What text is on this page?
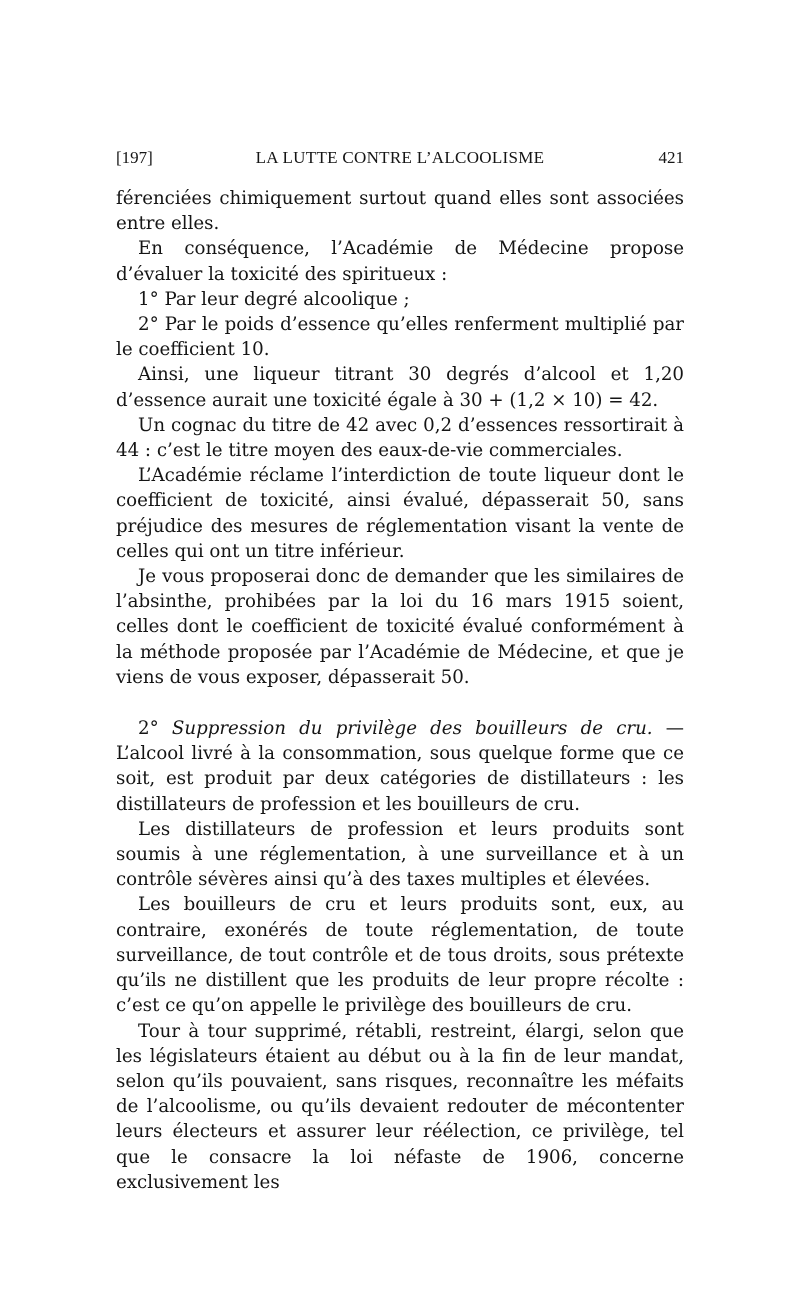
LA LUTTE CONTRE L’ALCOOLISME
[197]	421

férenciées chimiquement surtout quand elles sont associées entre elles.

En conséquence, l’Académie de Médecine propose d’évaluer la toxicité des spiritueux :

1° Par leur degré alcoolique ;

2° Par le poids d’essence qu’elles renferment multiplié par le coefficient 10.

Ainsi, une liqueur titrant 30 degrés d’alcool et 1,20 d’essence aurait une toxicité égale à 30 + (1,2 × 10) = 42.

Un cognac du titre de 42 avec 0,2 d’essences ressortirait à 44 : c’est le titre moyen des eaux-de-vie commerciales.

L’Académie réclame l’interdiction de toute liqueur dont le coefficient de toxicité, ainsi évalué, dépasserait 50, sans préjudice des mesures de réglementation visant la vente de celles qui ont un titre inférieur.

Je vous proposerai donc de demander que les similaires de l’absinthe, prohibées par la loi du 16 mars 1915 soient, celles dont le coefficient de toxicité évalué conformément à la méthode proposée par l’Académie de Médecine, et que je viens de vous exposer, dépasserait 50.

2° Suppression du privilège des bouilleurs de cru. — L’alcool livré à la consommation, sous quelque forme que ce soit, est produit par deux catégories de distillateurs : les distillateurs de profession et les bouilleurs de cru.

Les distillateurs de profession et leurs produits sont soumis à une réglementation, à une surveillance et à un contrôle sévères ainsi qu’à des taxes multiples et élevées.

Les bouilleurs de cru et leurs produits sont, eux, au contraire, exonérés de toute réglementation, de toute surveillance, de tout contrôle et de tous droits, sous prétexte qu’ils ne distillent que les produits de leur propre récolte : c’est ce qu’on appelle le privilège des bouilleurs de cru.

Tour à tour supprimé, rétabli, restreint, élargi, selon que les législateurs étaient au début ou à la fin de leur mandat, selon qu’ils pouvaient, sans risques, reconnaître les méfaits de l’alcoolisme, ou qu’ils devaient redouter de mécontenter leurs électeurs et assurer leur réélection, ce privilège, tel que le consacre la loi néfaste de 1906, concerne exclusivement les
